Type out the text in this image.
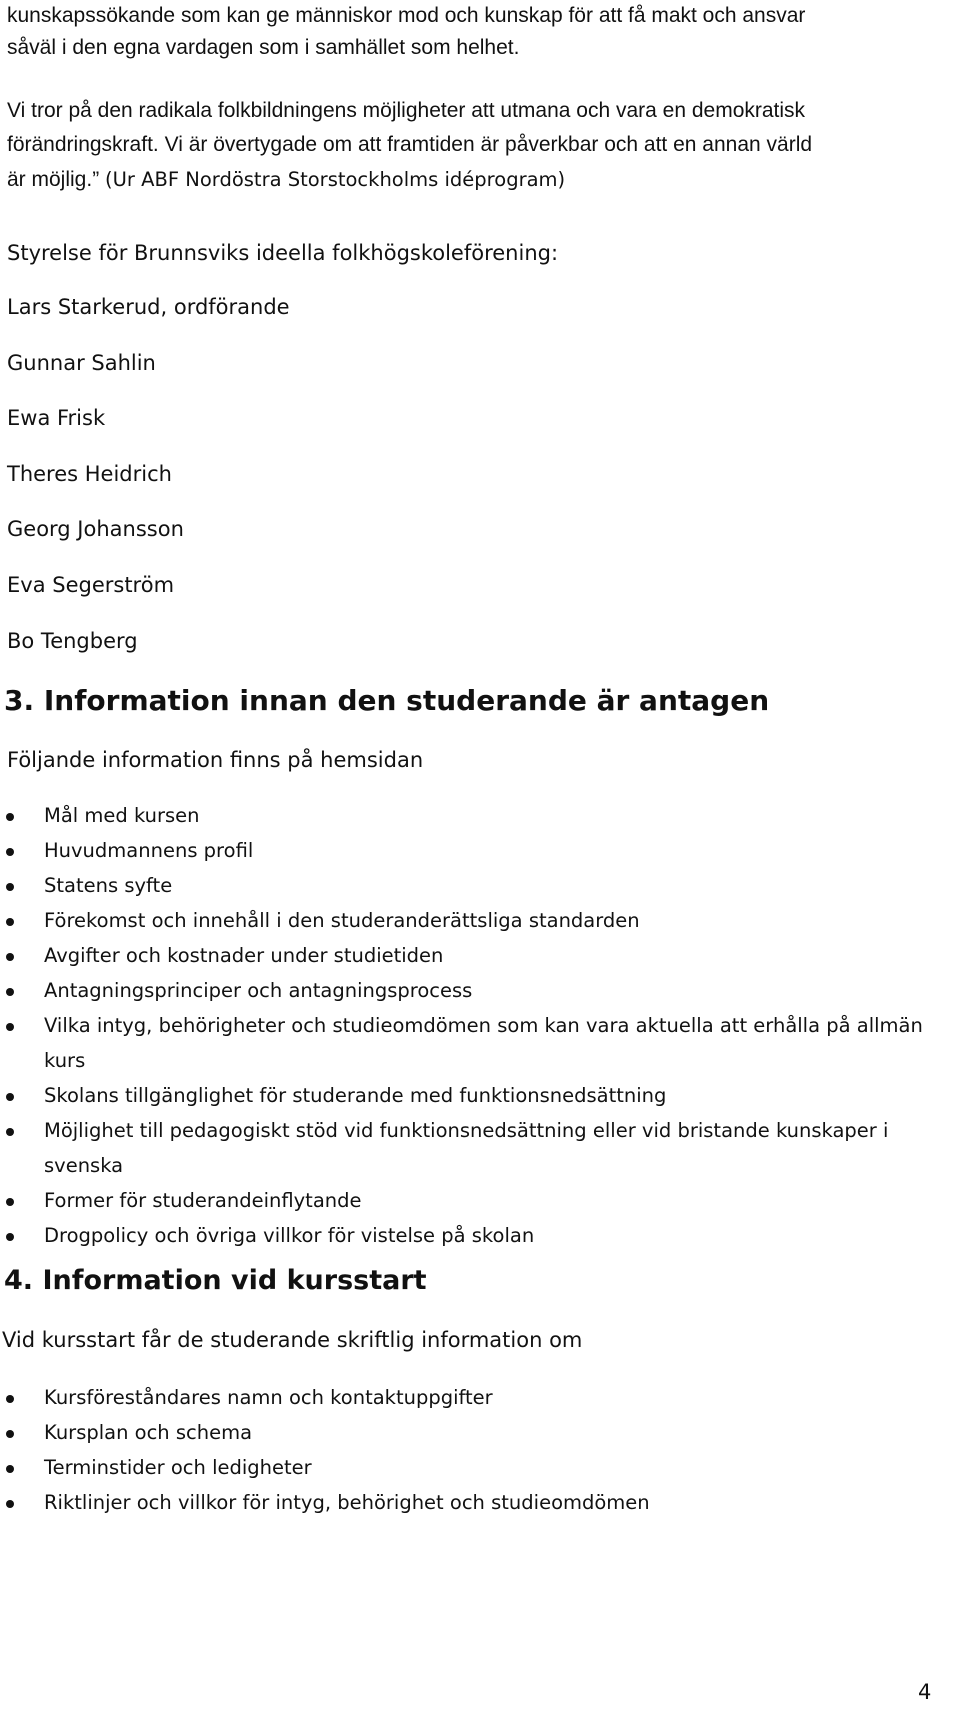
kunskapssökande som kan ge människor mod och kunskap för att få makt och ansvar

såväl i den egna vardagen som i samhället som helhet.

Vi tror på den radikala folkbildningens möjligheter att utmana och vara en demokratisk

förändringskraft. Vi är övertygade om att framtiden är påverkbar och att en annan värld

är möjlig.” (Ur ABF Nordöstra Storstockholms idéprogram)

Styrelse för Brunnsviks ideella folkhögskoleförening:

Lars Starkerud, ordförande

Gunnar Sahlin

Ewa Frisk

Theres Heidrich

Georg Johansson

Eva Segerström

Bo Tengberg

3. Information innan den studerande är antagen

Följande information finns på hemsidan

Mål med kursen
Huvudmannens profil
Statens syfte
Förekomst och innehåll i den studeranderättsliga standarden
Avgifter och kostnader under studietiden
Antagningsprinciper och antagningsprocess
Vilka intyg, behörigheter och studieomdömen som kan vara aktuella att erhålla på allmän kurs
Skolans tillgänglighet för studerande med funktionsnedsättning
Möjlighet till pedagogiskt stöd vid funktionsnedsättning eller vid bristande kunskaper i svenska
Former för studerandeinflytande
Drogpolicy och övriga villkor för vistelse på skolan
4. Information vid kursstart

Vid kursstart får de studerande skriftlig information om

Kursföreståndares namn och kontaktuppgifter
Kursplan och schema
Terminstider och ledigheter
Riktlinjer och villkor för intyg, behörighet och studieomdömen
4
